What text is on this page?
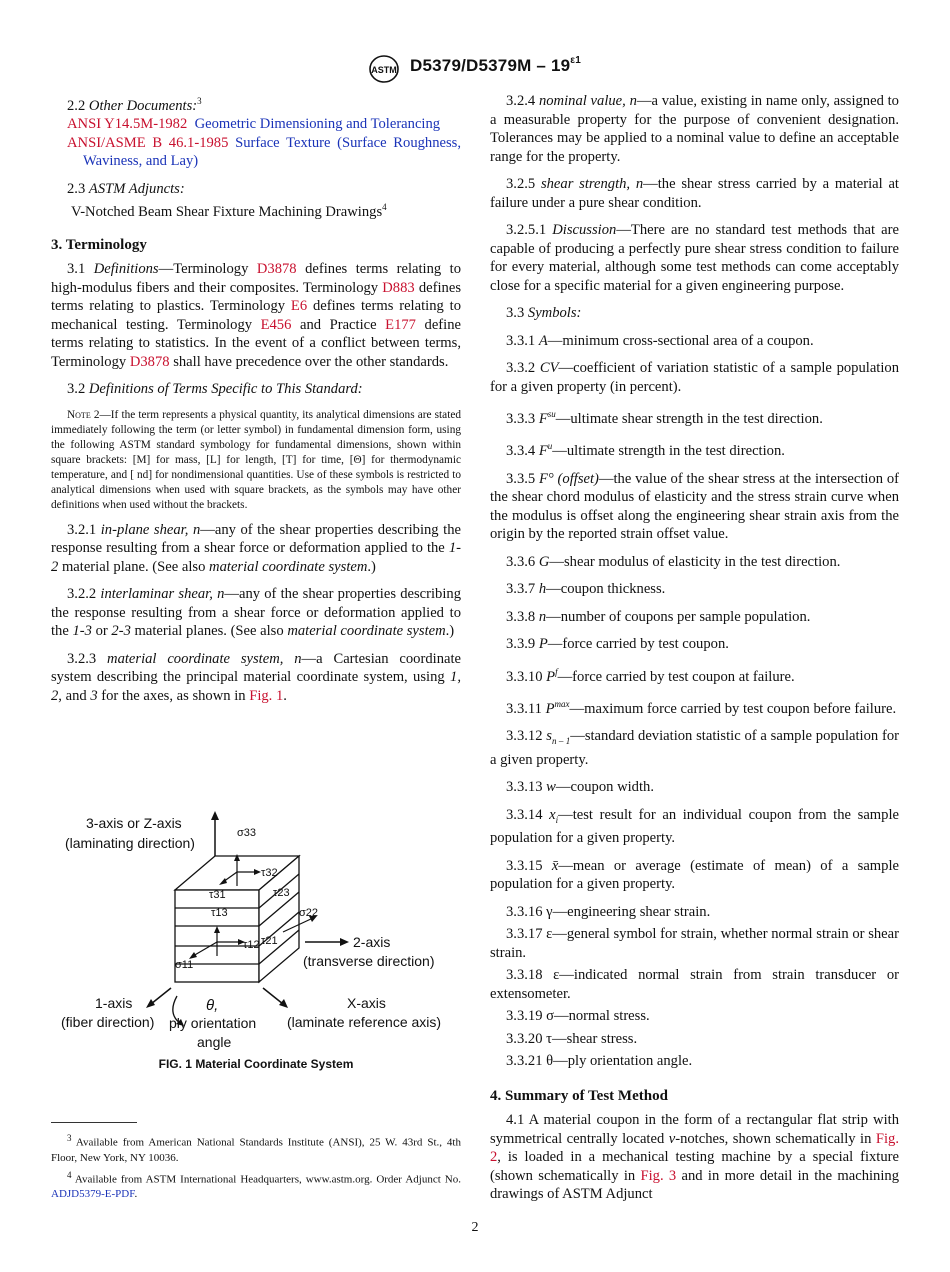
ASTM $D5379/D5379M - 19^{\varepsilon 1}$

2.2 Other Documents:$^3$

ANSI Y14.5M-1982 Geometric Dimensioning and Tolerancing

ANSI/ASME B 46.1-1985 Surface Texture (Surface Roughness, Waviness, and Lay)

2.3 ASTM Adjuncts:

V-Notched Beam Shear Fixture Machining Drawings$^4$

3. Terminology

3.1 Definitions—Terminology D3878 defines terms relating to high-modulus fibers and their composites. Terminology D883 defines terms relating to plastics. Terminology E6 defines terms relating to mechanical testing. Terminology E456 and Practice E177 define terms relating to statistics. In the event of a conflict between terms, Terminology D3878 shall have precedence over the other standards.

3.2 Definitions of Terms Specific to This Standard:

Note 2—If the term represents a physical quantity, its analytical dimensions are stated immediately following the term (or letter symbol) in fundamental dimension form, using the following ASTM standard symbology for fundamental dimensions, shown within square brackets: [M] for mass, [L] for length, [T] for time, [Θ] for thermodynamic temperature, and [ nd] for nondimensional quantities. Use of these symbols is restricted to analytical dimensions when used with square brackets, as the symbols may have other definitions when used without the brackets.

3.2.1 in-plane shear, n—any of the shear properties describing the response resulting from a shear force or deformation applied to the 1-2 material plane. (See also material coordinate system.)

3.2.2 interlaminar shear, n—any of the shear properties describing the response resulting from a shear force or deformation applied to the 1-3 or 2-3 material planes. (See also material coordinate system.)

3.2.3 material coordinate system, n—a Cartesian coordinate system describing the principal material coordinate system, using 1, 2, and 3 for the axes, as shown in Fig. 1.

3-axis or Z-axis
(laminating direction)
σ33
τ32
τ31	τ23
τ13	σ22
τ21
τ12
σ11
2-axis
(transverse direction)
1-axis
(fiber direction)
θ,
ply orientation
angle
X-axis
(laminate reference axis)
FIG. 1 Material Coordinate System

$^3$ Available from American National Standards Institute (ANSI), 25 W. 43rd St., 4th Floor, New York, NY 10036.

$^4$ Available from ASTM International Headquarters, www.astm.org. Order Adjunct No. ADJD5379-E-PDF.

3.2.4 nominal value, n—a value, existing in name only, assigned to a measurable property for the purpose of convenient designation. Tolerances may be applied to a nominal value to define an acceptable range for the property.

3.2.5 shear strength, n—the shear stress carried by a material at failure under a pure shear condition.

3.2.5.1 Discussion—There are no standard test methods that are capable of producing a perfectly pure shear stress condition to failure for every material, although some test methods can come acceptably close for a specific material for a given engineering purpose.

3.3 Symbols:

3.3.1 A—minimum cross-sectional area of a coupon.

3.3.2 CV—coefficient of variation statistic of a sample population for a given property (in percent).

3.3.3 $F^{su}—ultimate$ shear strength in the test direction.

3.3.4 $F^u—ultimate$ strength in the test direction.

3.3.5 F° (offset)—the value of the shear stress at the intersection of the shear chord modulus of elasticity and the stress strain curve when the modulus is offset along the engineering shear strain axis from the origin by the reported strain offset value.

3.3.6 G—shear modulus of elasticity in the test direction.

3.3.7 h—coupon thickness.

3.3.8 n—number of coupons per sample population.

3.3.9 P—force carried by test coupon.

3.3.10 $P^f—force$ carried by test coupon at failure.

3.3.11 $P^{max}—maximum$ force carried by test coupon before failure.

3.3.12 $s_{n - 1}—standard$ deviation statistic of a sample population for a given property.

3.3.13 w—coupon width.

3.3.14 $x_i—test$ result for an individual coupon from the sample population for a given property.

3.3.15 x̄—mean or average (estimate of mean) of a sample population for a given property.

3.3.16 γ—engineering shear strain.

3.3.17 ε—general symbol for strain, whether normal strain or shear strain.

3.3.18 ε—indicated normal strain from strain transducer or extensometer.

3.3.19 σ—normal stress.

3.3.20 τ—shear stress.

3.3.21 θ—ply orientation angle.

4. Summary of Test Method

4.1 A material coupon in the form of a rectangular flat strip with symmetrical centrally located v-notches, shown schematically in Fig. 2, is loaded in a mechanical testing machine by a special fixture (shown schematically in Fig. 3 and in more detail in the machining drawings of ASTM Adjunct

2
